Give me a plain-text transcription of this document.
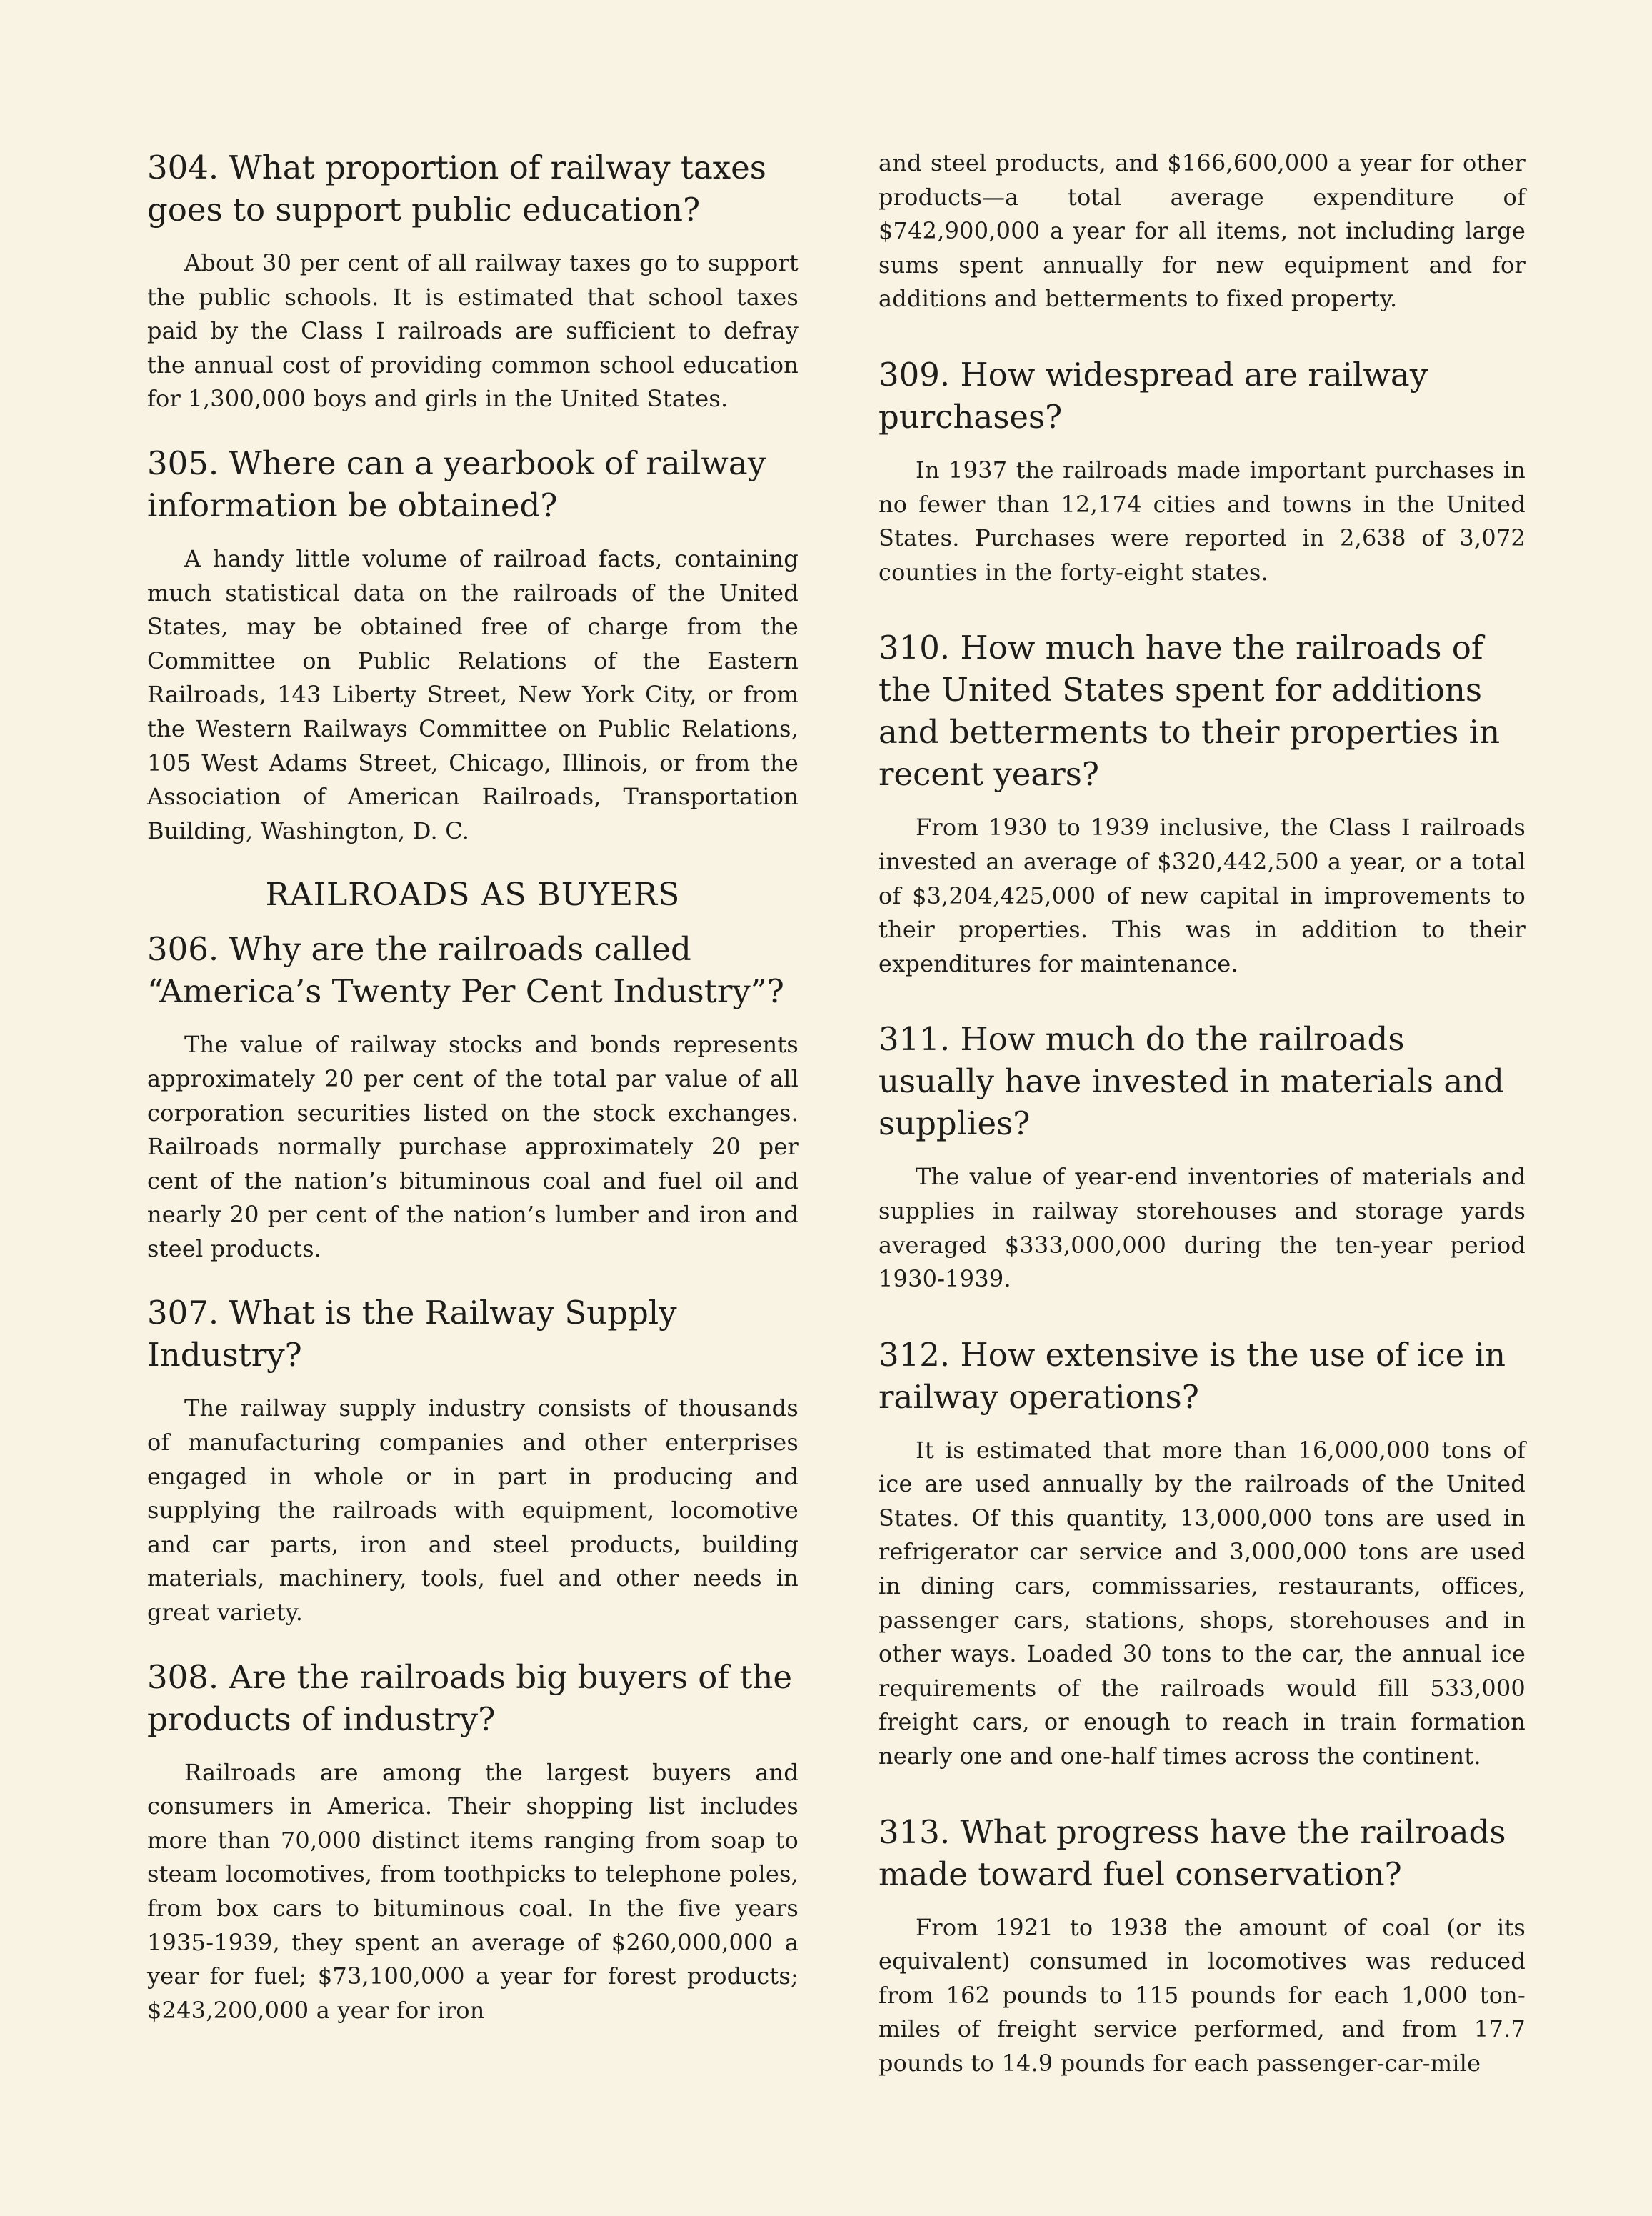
304. What proportion of railway taxes goes to support public education?

About 30 per cent of all railway taxes go to support the public schools. It is estimated that school taxes paid by the Class I railroads are sufficient to defray the annual cost of providing common school education for 1,300,000 boys and girls in the United States.

305. Where can a yearbook of railway information be obtained?

A handy little volume of railroad facts, containing much statistical data on the railroads of the United States, may be obtained free of charge from the Committee on Public Relations of the Eastern Railroads, 143 Liberty Street, New York City, or from the Western Railways Committee on Public Relations, 105 West Adams Street, Chicago, Illinois, or from the Association of American Railroads, Transportation Building, Washington, D. C.

RAILROADS AS BUYERS
306. Why are the railroads called “America’s Twenty Per Cent Industry”?

The value of railway stocks and bonds represents approximately 20 per cent of the total par value of all corporation securities listed on the stock exchanges. Railroads normally purchase approximately 20 per cent of the nation’s bituminous coal and fuel oil and nearly 20 per cent of the nation’s lumber and iron and steel products.

307. What is the Railway Supply Industry?

The railway supply industry consists of thousands of manufacturing companies and other enterprises engaged in whole or in part in producing and supplying the railroads with equipment, locomotive and car parts, iron and steel products, building materials, machinery, tools, fuel and other needs in great variety.

308. Are the railroads big buyers of the products of industry?

Railroads are among the largest buyers and consumers in America. Their shopping list includes more than 70,000 distinct items ranging from soap to steam locomotives, from toothpicks to telephone poles, from box cars to bituminous coal. In the five years 1935-1939, they spent an average of $260,000,000 a year for fuel; $73,100,000 a year for forest products; $243,200,000 a year for iron

and steel products, and $166,600,000 a year for other products—a total average expenditure of $742,900,000 a year for all items, not including large sums spent annually for new equipment and for additions and betterments to fixed property.

309. How widespread are railway purchases?

In 1937 the railroads made important purchases in no fewer than 12,174 cities and towns in the United States. Purchases were reported in 2,638 of 3,072 counties in the forty-eight states.

310. How much have the railroads of the United States spent for additions and betterments to their properties in recent years?

From 1930 to 1939 inclusive, the Class I railroads invested an average of $320,442,500 a year, or a total of $3,204,425,000 of new capital in improvements to their properties. This was in addition to their expenditures for maintenance.

311. How much do the railroads usually have invested in materials and supplies?

The value of year-end inventories of materials and supplies in railway storehouses and storage yards averaged $333,000,000 during the ten-year period 1930-1939.

312. How extensive is the use of ice in railway operations?

It is estimated that more than 16,000,000 tons of ice are used annually by the railroads of the United States. Of this quantity, 13,000,000 tons are used in refrigerator car service and 3,000,000 tons are used in dining cars, commissaries, restaurants, offices, passenger cars, stations, shops, storehouses and in other ways. Loaded 30 tons to the car, the annual ice requirements of the railroads would fill 533,000 freight cars, or enough to reach in train formation nearly one and one-half times across the continent.

313. What progress have the railroads made toward fuel conservation?

From 1921 to 1938 the amount of coal (or its equivalent) consumed in locomotives was reduced from 162 pounds to 115 pounds for each 1,000 ton-miles of freight service performed, and from 17.7 pounds to 14.9 pounds for each passenger-car-mile
